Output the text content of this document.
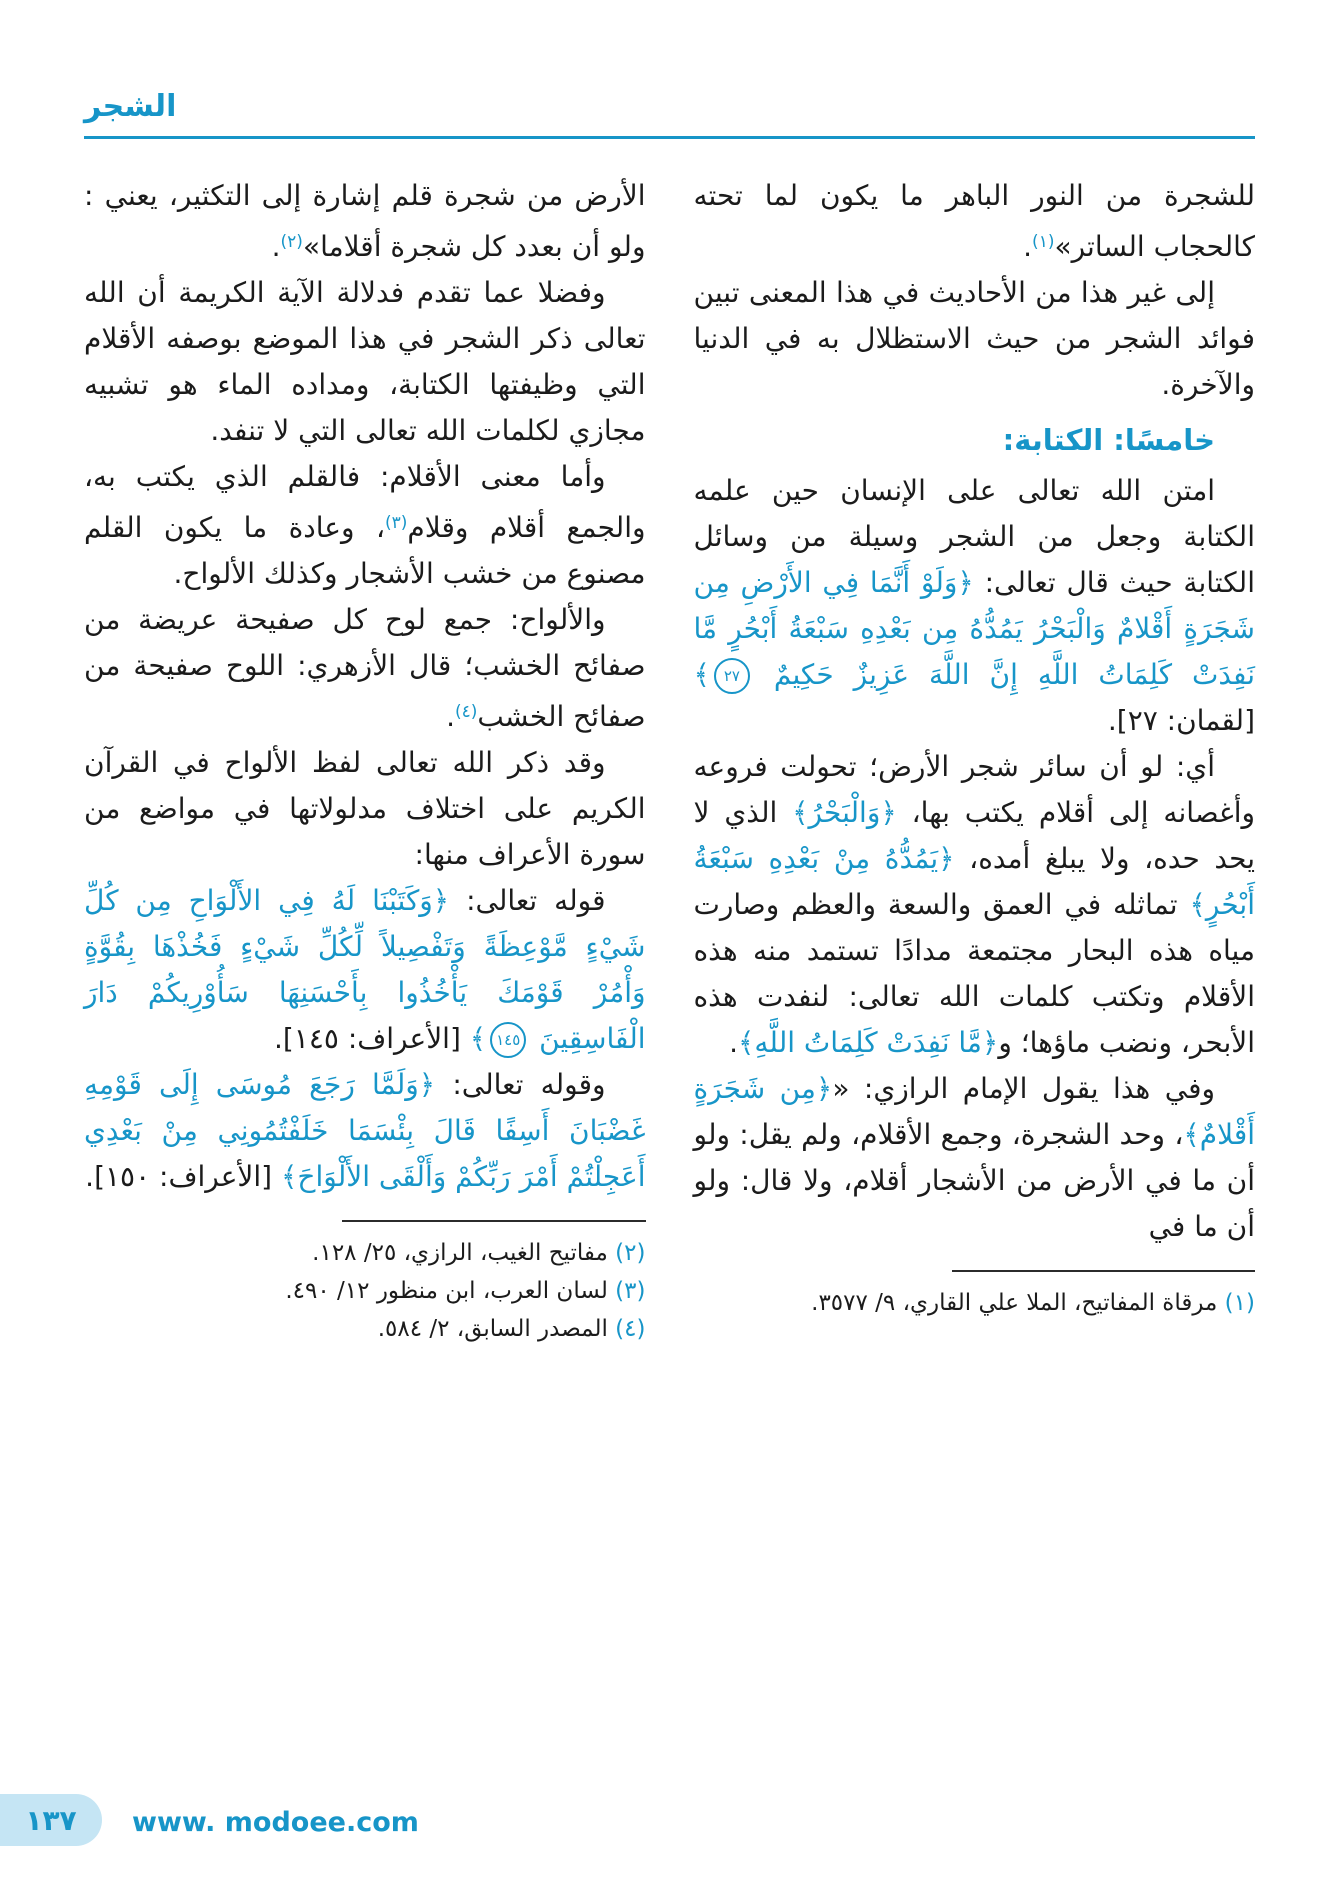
الشجر

للشجرة من النور الباهر ما يكون لما تحته كالحجاب الساتر»$^{(١)}$.

إلى غير هذا من الأحاديث في هذا المعنى تبين فوائد الشجر من حيث الاستظلال به في الدنيا والآخرة.

خامسًا: الكتابة:

امتن الله تعالى على الإنسان حين علمه الكتابة وجعل من الشجر وسيلة من وسائل الكتابة حيث قال تعالى: ﴿وَلَوْ أَنَّمَا فِي الأَرْضِ مِن شَجَرَةٍ أَقْلامٌ وَالْبَحْرُ يَمُدُّهُ مِن بَعْدِهِ سَبْعَةُ أَبْحُرٍ مَّا نَفِدَتْ كَلِمَاتُ اللَّهِ إِنَّ اللَّهَ عَزِيزٌ حَكِيمٌ ٢٧﴾ [لقمان: ٢٧].

أي: لو أن سائر شجر الأرض؛ تحولت فروعه وأغصانه إلى أقلام يكتب بها، ﴿وَالْبَحْرُ﴾ الذي لا يحد حده، ولا يبلغ أمده، ﴿يَمُدُّهُ مِنْ بَعْدِهِ سَبْعَةُ أَبْحُرٍ﴾ تماثله في العمق والسعة والعظم وصارت مياه هذه البحار مجتمعة مدادًا تستمد منه هذه الأقلام وتكتب كلمات الله تعالى: لنفدت هذه الأبحر، ونضب ماؤها؛ و﴿مَّا نَفِدَتْ كَلِمَاتُ اللَّهِ﴾.

وفي هذا يقول الإمام الرازي: «﴿مِن شَجَرَةٍ أَقْلامٌ﴾، وحد الشجرة، وجمع الأقلام، ولم يقل: ولو أن ما في الأرض من الأشجار أقلام، ولا قال: ولو أن ما في

(١) مرقاة المفاتيح، الملا علي القاري، ٩/ ٣٥٧٧.

الأرض من شجرة قلم إشارة إلى التكثير، يعني : ولو أن بعدد كل شجرة أقلاما»$^{(٢)}$.

وفضلا عما تقدم فدلالة الآية الكريمة أن الله تعالى ذكر الشجر في هذا الموضع بوصفه الأقلام التي وظيفتها الكتابة، ومداده الماء هو تشبيه مجازي لكلمات الله تعالى التي لا تنفد.

وأما معنى الأقلام: فالقلم الذي يكتب به، والجمع أقلام وقلام$^{(٣)}$، وعادة ما يكون القلم مصنوع من خشب الأشجار وكذلك الألواح.

والألواح: جمع لوح كل صفيحة عريضة من صفائح الخشب؛ قال الأزهري: اللوح صفيحة من صفائح الخشب$^{(٤)}$.

وقد ذكر الله تعالى لفظ الألواح في القرآن الكريم على اختلاف مدلولاتها في مواضع من سورة الأعراف منها:

قوله تعالى: ﴿وَكَتَبْنَا لَهُ فِي الأَلْوَاحِ مِن كُلِّ شَيْءٍ مَّوْعِظَةً وَتَفْصِيلاً لِّكُلِّ شَيْءٍ فَخُذْهَا بِقُوَّةٍ وَأْمُرْ قَوْمَكَ يَأْخُذُوا بِأَحْسَنِهَا سَأُوْرِيكُمْ دَارَ الْفَاسِقِينَ ١٤٥﴾ [الأعراف: ١٤٥].

وقوله تعالى: ﴿وَلَمَّا رَجَعَ مُوسَى إِلَى قَوْمِهِ غَضْبَانَ أَسِفًا قَالَ بِئْسَمَا خَلَفْتُمُونِي مِنْ بَعْدِي أَعَجِلْتُمْ أَمْرَ رَبِّكُمْ وَأَلْقَى الأَلْوَاحَ﴾ [الأعراف: ١٥٠].

(٢) مفاتيح الغيب، الرازي، ٢٥/ ١٢٨.
(٣) لسان العرب، ابن منظور ١٢/ ٤٩٠.
(٤) المصدر السابق، ٢/ ٥٨٤.
١٣٧ www. modoee.com
